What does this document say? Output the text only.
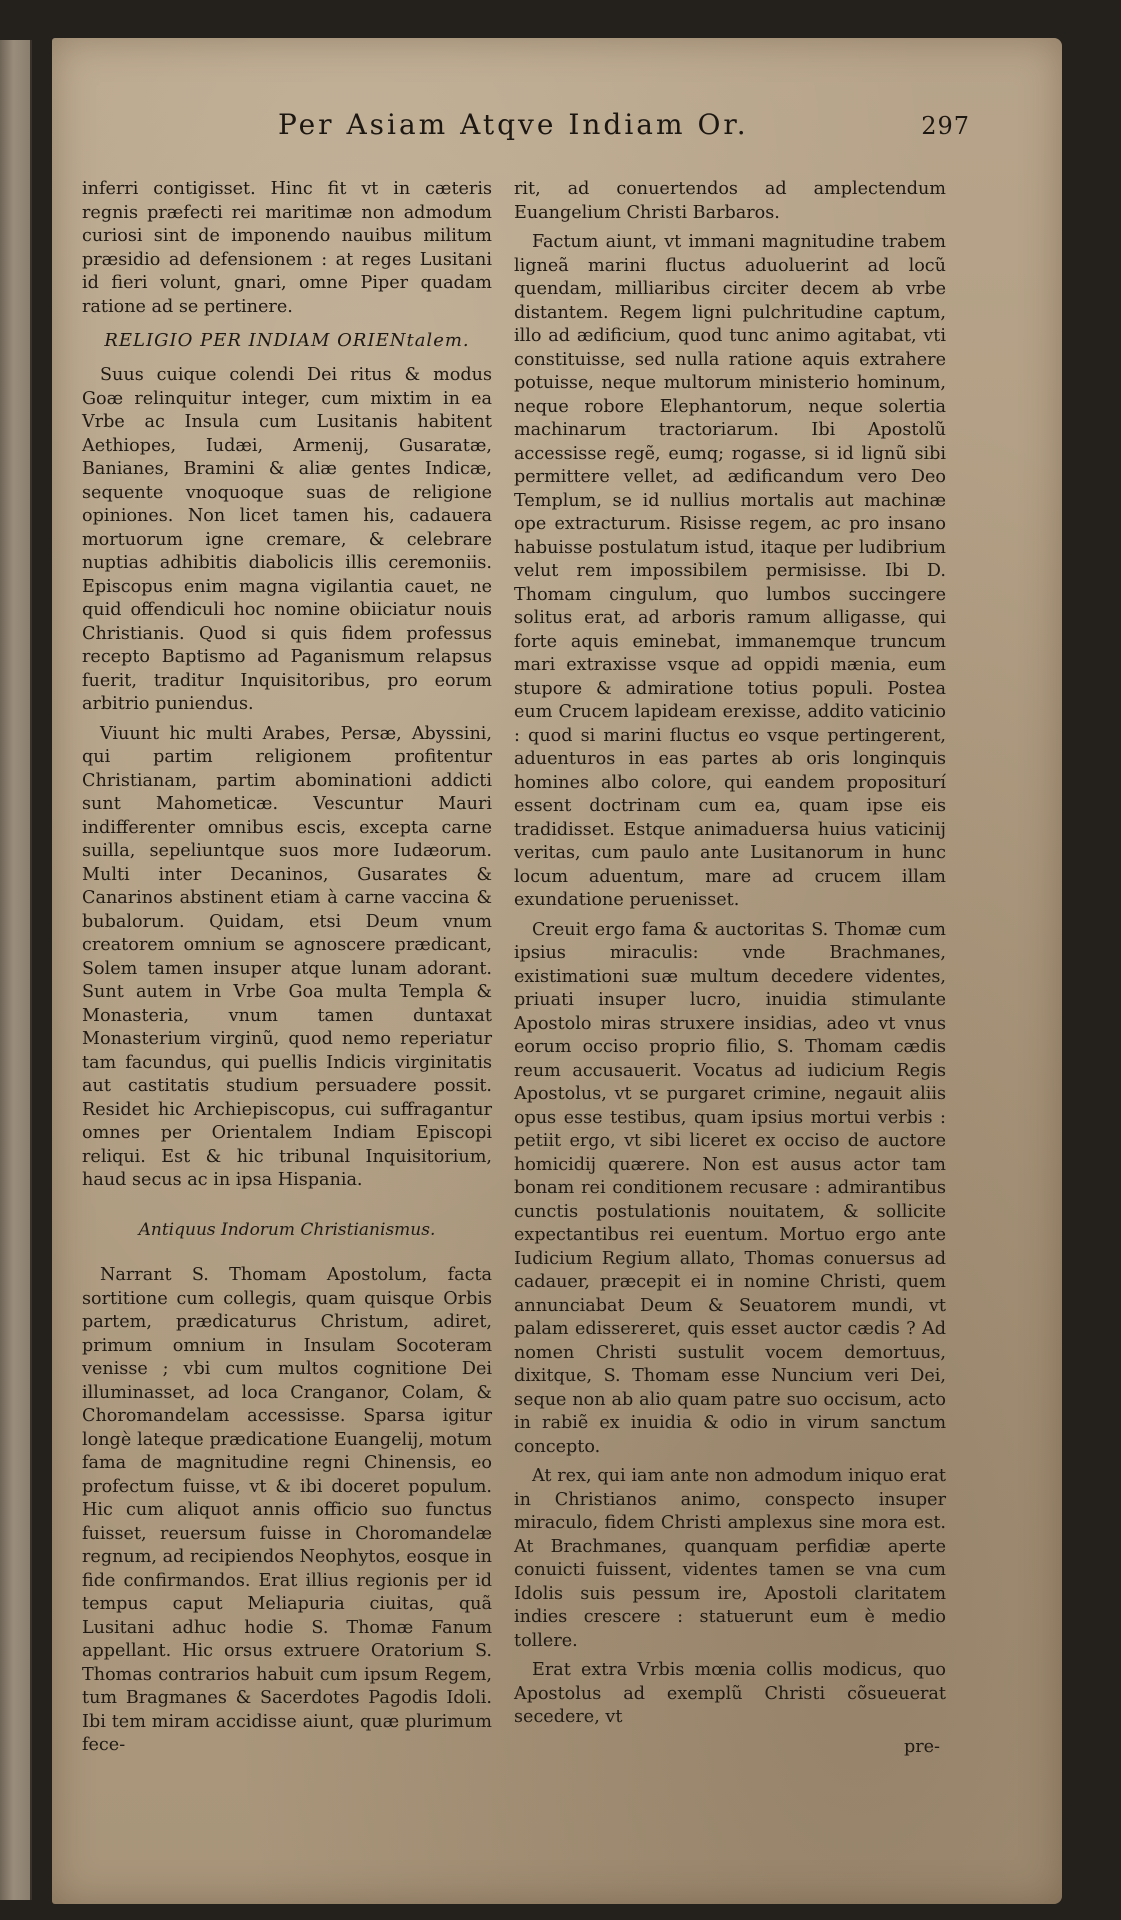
Per Asiam Atqve Indiam Or.	297

inferri contigisset. Hinc fit vt in cæteris regnis præfecti rei maritimæ non admodum curiosi sint de imponendo nauibus militum præsidio ad defensionem : at reges Lusitani id fieri volunt, gnari, omne Piper quadam ratione ad se pertinere.

RELIGIO PER INDIAM ORIENtalem.

Suus cuique colendi Dei ritus & modus Goæ relinquitur integer, cum mixtim in ea Vrbe ac Insula cum Lusitanis habitent Aethiopes, Iudæi, Armenij, Gusaratæ, Banianes, Bramini & aliæ gentes Indicæ, sequente vnoquoque suas de religione opiniones. Non licet tamen his, cadauera mortuorum igne cremare, & celebrare nuptias adhibitis diabolicis illis ceremoniis. Episcopus enim magna vigilantia cauet, ne quid offendiculi hoc nomine obiiciatur nouis Christianis. Quod si quis fidem professus recepto Baptismo ad Paganismum relapsus fuerit, traditur Inquisitoribus, pro eorum arbitrio puniendus.

Viuunt hic multi Arabes, Persæ, Abyssini, qui partim religionem profitentur Christianam, partim abominationi addicti sunt Mahometicæ. Vescuntur Mauri indifferenter omnibus escis, excepta carne suilla, sepeliuntque suos more Iudæorum. Multi inter Decaninos, Gusarates & Canarinos abstinent etiam à carne vaccina & bubalorum. Quidam, etsi Deum vnum creatorem omnium se agnoscere prædicant, Solem tamen insuper atque lunam adorant. Sunt autem in Vrbe Goa multa Templa & Monasteria, vnum tamen duntaxat Monasterium virginũ, quod nemo reperiatur tam facundus, qui puellis Indicis virginitatis aut castitatis studium persuadere possit. Residet hic Archiepiscopus, cui suffragantur omnes per Orientalem Indiam Episcopi reliqui. Est & hic tribunal Inquisitorium, haud secus ac in ipsa Hispania.

Antiquus Indorum Christianismus.

Narrant S. Thomam Apostolum, facta sortitione cum collegis, quam quisque Orbis partem, prædicaturus Christum, adiret, primum omnium in Insulam Socoteram venisse ; vbi cum multos cognitione Dei illuminasset, ad loca Cranganor, Colam, & Choromandelam accessisse. Sparsa igitur longè lateque prædicatione Euangelij, motum fama de magnitudine regni Chinensis, eo profectum fuisse, vt & ibi doceret populum. Hic cum aliquot annis officio suo functus fuisset, reuersum fuisse in Choromandelæ regnum, ad recipiendos Neophytos, eosque in fide confirmandos. Erat illius regionis per id tempus caput Meliapuria ciuitas, quã Lusitani adhuc hodie S. Thomæ Fanum appellant. Hic orsus extruere Oratorium S. Thomas contrarios habuit cum ipsum Regem, tum Bragmanes & Sacerdotes Pagodis Idoli. Ibi tem miram accidisse aiunt, quæ plurimum fece-

rit, ad conuertendos ad amplectendum Euangelium Christi Barbaros.

Factum aiunt, vt immani magnitudine trabem ligneã marini fluctus aduoluerint ad locũ quendam, milliaribus circiter decem ab vrbe distantem. Regem ligni pulchritudine captum, illo ad ædificium, quod tunc animo agitabat, vti constituisse, sed nulla ratione aquis extrahere potuisse, neque multorum ministerio hominum, neque robore Elephantorum, neque solertia machinarum tractoriarum. Ibi Apostolũ accessisse regẽ, eumq; rogasse, si id lignũ sibi permittere vellet, ad ædificandum vero Deo Templum, se id nullius mortalis aut machinæ ope extracturum. Risisse regem, ac pro insano habuisse postulatum istud, itaque per ludibrium velut rem impossibilem permisisse. Ibi D. Thomam cingulum, quo lumbos succingere solitus erat, ad arboris ramum alligasse, qui forte aquis eminebat, immanemque truncum mari extraxisse vsque ad oppidi mænia, eum stupore & admiratione totius populi. Postea eum Crucem lapideam erexisse, addito vaticinio : quod si marini fluctus eo vsque pertingerent, aduenturos in eas partes ab oris longinquis homines albo colore, qui eandem propositurí essent doctrinam cum ea, quam ipse eis tradidisset. Estque animaduersa huius vaticinij veritas, cum paulo ante Lusitanorum in hunc locum aduentum, mare ad crucem illam exundatione peruenisset.

Creuit ergo fama & auctoritas S. Thomæ cum ipsius miraculis: vnde Brachmanes, existimationi suæ multum decedere videntes, priuati insuper lucro, inuidia stimulante Apostolo miras struxere insidias, adeo vt vnus eorum occiso proprio filio, S. Thomam cædis reum accusauerit. Vocatus ad iudicium Regis Apostolus, vt se purgaret crimine, negauit aliis opus esse testibus, quam ipsius mortui verbis : petiit ergo, vt sibi liceret ex occiso de auctore homicidij quærere. Non est ausus actor tam bonam rei conditionem recusare : admirantibus cunctis postulationis nouitatem, & sollicite expectantibus rei euentum. Mortuo ergo ante Iudicium Regium allato, Thomas conuersus ad cadauer, præcepit ei in nomine Christi, quem annunciabat Deum & Seuatorem mundi, vt palam edissereret, quis esset auctor cædis ? Ad nomen Christi sustulit vocem demortuus, dixitque, S. Thomam esse Nuncium veri Dei, seque non ab alio quam patre suo occisum, acto in rabiẽ ex inuidia & odio in virum sanctum concepto.

At rex, qui iam ante non admodum iniquo erat in Christianos animo, conspecto insuper miraculo, fidem Christi amplexus sine mora est. At Brachmanes, quanquam perfidiæ aperte conuicti fuissent, videntes tamen se vna cum Idolis suis pessum ire, Apostoli claritatem indies crescere : statuerunt eum è medio tollere.

Erat extra Vrbis mœnia collis modicus, quo Apostolus ad exemplũ Christi cõsueuerat secedere, vt

pre-
